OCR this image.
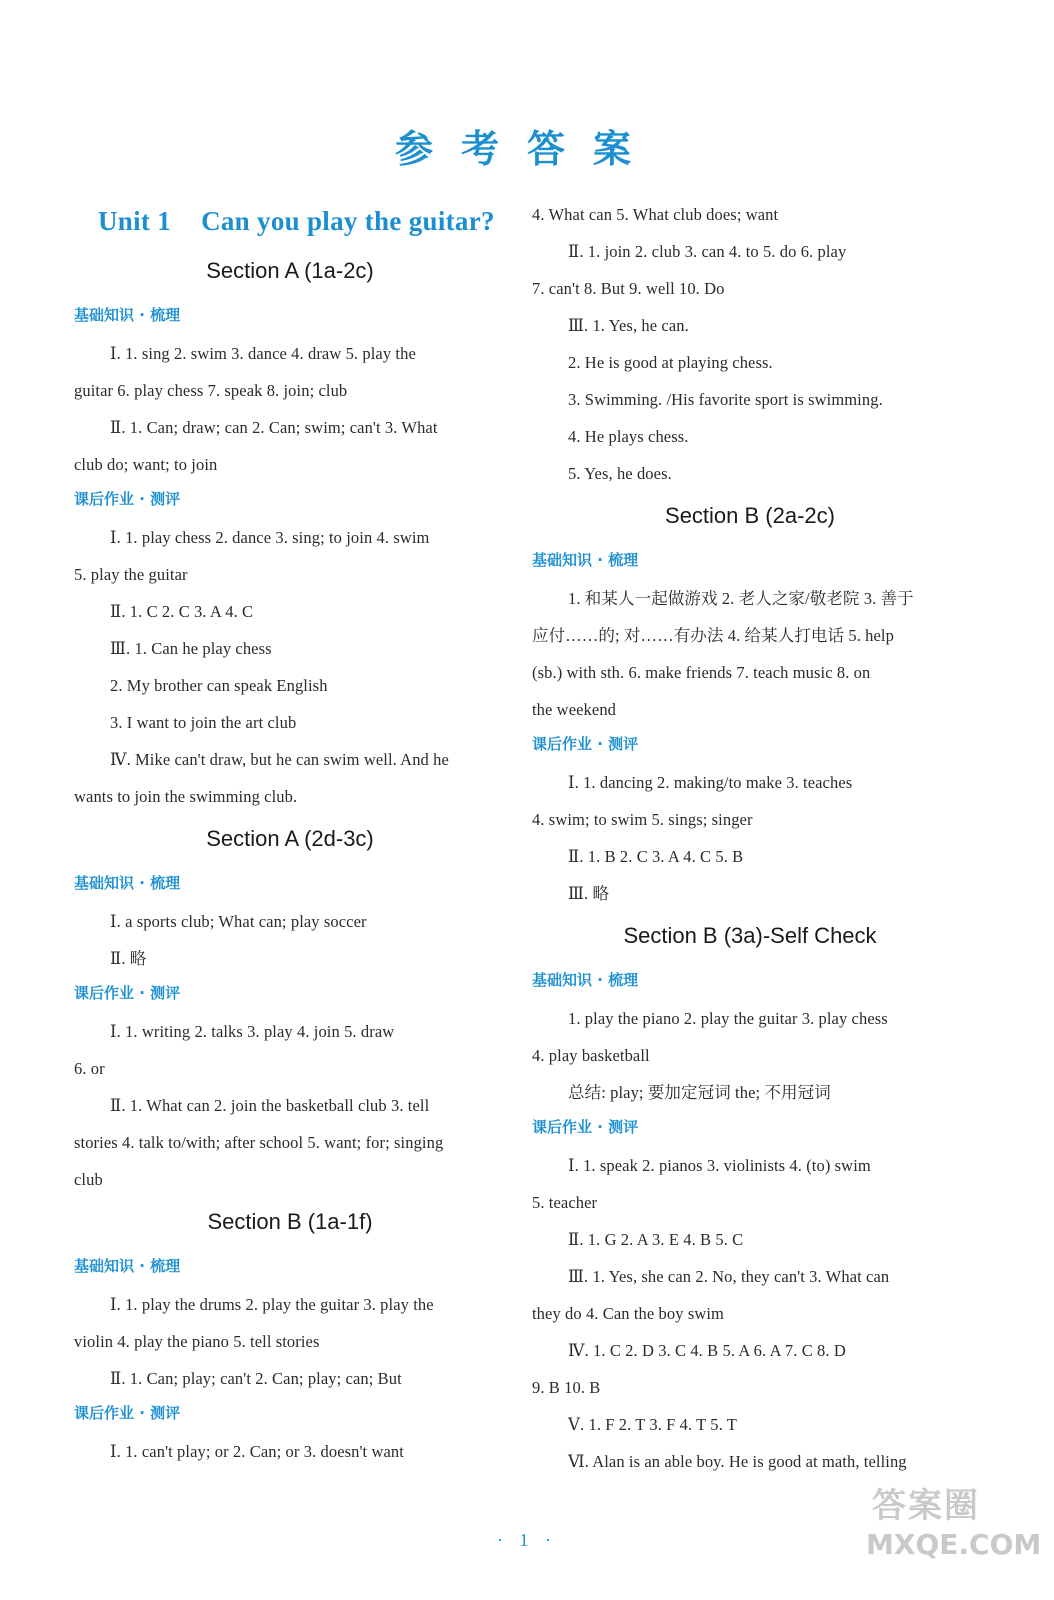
参考答案
Unit 1 Can you play the guitar?
Section A (1a-2c)
基础知识 · 梳理
Ⅰ. 1. sing 2. swim 3. dance 4. draw 5. play the
guitar 6. play chess 7. speak 8. join; club
Ⅱ. 1. Can; draw; can 2. Can; swim; can't 3. What
club do; want; to join
课后作业 · 测评
Ⅰ. 1. play chess 2. dance 3. sing; to join 4. swim
5. play the guitar
Ⅱ. 1. C 2. C 3. A 4. C
Ⅲ. 1. Can he play chess
2. My brother can speak English
3. I want to join the art club
Ⅳ. Mike can't draw, but he can swim well. And he
wants to join the swimming club.
Section A (2d-3c)
基础知识 · 梳理
Ⅰ. a sports club; What can; play soccer
Ⅱ. 略
课后作业 · 测评
Ⅰ. 1. writing 2. talks 3. play 4. join 5. draw
6. or
Ⅱ. 1. What can 2. join the basketball club 3. tell
stories 4. talk to/with; after school 5. want; for; singing
club
Section B (1a-1f)
基础知识 · 梳理
Ⅰ. 1. play the drums 2. play the guitar 3. play the
violin 4. play the piano 5. tell stories
Ⅱ. 1. Can; play; can't 2. Can; play; can; But
课后作业 · 测评
Ⅰ. 1. can't play; or 2. Can; or 3. doesn't want
4. What can 5. What club does; want
Ⅱ. 1. join 2. club 3. can 4. to 5. do 6. play
7. can't 8. But 9. well 10. Do
Ⅲ. 1. Yes, he can.
2. He is good at playing chess.
3. Swimming. /His favorite sport is swimming.
4. He plays chess.
5. Yes, he does.
Section B (2a-2c)
基础知识 · 梳理
1. 和某人一起做游戏 2. 老人之家/敬老院 3. 善于
应付……的; 对……有办法 4. 给某人打电话 5. help
(sb.) with sth. 6. make friends 7. teach music 8. on
the weekend
课后作业 · 测评
Ⅰ. 1. dancing 2. making/to make 3. teaches
4. swim; to swim 5. sings; singer
Ⅱ. 1. B 2. C 3. A 4. C 5. B
Ⅲ. 略
Section B (3a)-Self Check
基础知识 · 梳理
1. play the piano 2. play the guitar 3. play chess
4. play basketball
总结: play; 要加定冠词 the; 不用冠词
课后作业 · 测评
Ⅰ. 1. speak 2. pianos 3. violinists 4. (to) swim
5. teacher
Ⅱ. 1. G 2. A 3. E 4. B 5. C
Ⅲ. 1. Yes, she can 2. No, they can't 3. What can
they do 4. Can the boy swim
Ⅳ. 1. C 2. D 3. C 4. B 5. A 6. A 7. C 8. D
9. B 10. B
Ⅴ. 1. F 2. T 3. F 4. T 5. T
Ⅵ. Alan is an able boy. He is good at math, telling
· 1 ·
答案圈
MXQE.COM
